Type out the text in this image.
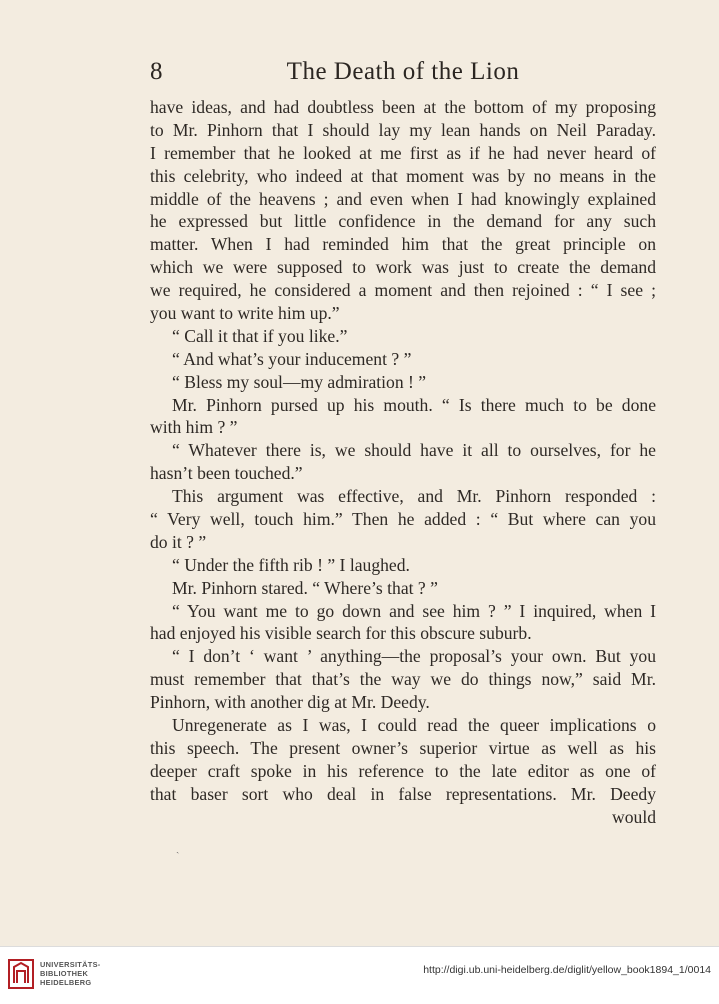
8	The Death of the Lion
have ideas, and had doubtless been at the bottom of my proposing
to Mr. Pinhorn that I should lay my lean hands on Neil Paraday.
I remember that he looked at me first as if he had never heard of
this celebrity, who indeed at that moment was by no means in the
middle of the heavens ; and even when I had knowingly explained
he expressed but little confidence in the demand for any such
matter. When I had reminded him that the great principle on
which we were supposed to work was just to create the demand
we required, he considered a moment and then rejoined : “ I see ;
you want to write him up.”
“ Call it that if you like.”
“ And what’s your inducement ? ”
“ Bless my soul—my admiration ! ”
Mr. Pinhorn pursed up his mouth. “ Is there much to be done
with him ? ”
“ Whatever there is, we should have it all to ourselves, for he
hasn’t been touched.”
This argument was effective, and Mr. Pinhorn responded :
“ Very well, touch him.” Then he added : “ But where can you
do it ? ”
“ Under the fifth rib ! ” I laughed.
Mr. Pinhorn stared. “ Where’s that ? ”
“ You want me to go down and see him ? ” I inquired, when I
had enjoyed his visible search for this obscure suburb.
“ I don’t ‘ want ’ anything—the proposal’s your own. But you
must remember that that’s the way we do things now,” said Mr.
Pinhorn, with another dig at Mr. Deedy.
Unregenerate as I was, I could read the queer implications o
this speech. The present owner’s superior virtue as well as his
deeper craft spoke in his reference to the late editor as one of
that baser sort who deal in false representations. Mr. Deedy
would
ˎ
UNIVERSITÄTS-
BIBLIOTHEK
HEIDELBERG
http://digi.ub.uni-heidelberg.de/diglit/yellow_book1894_1/0014
